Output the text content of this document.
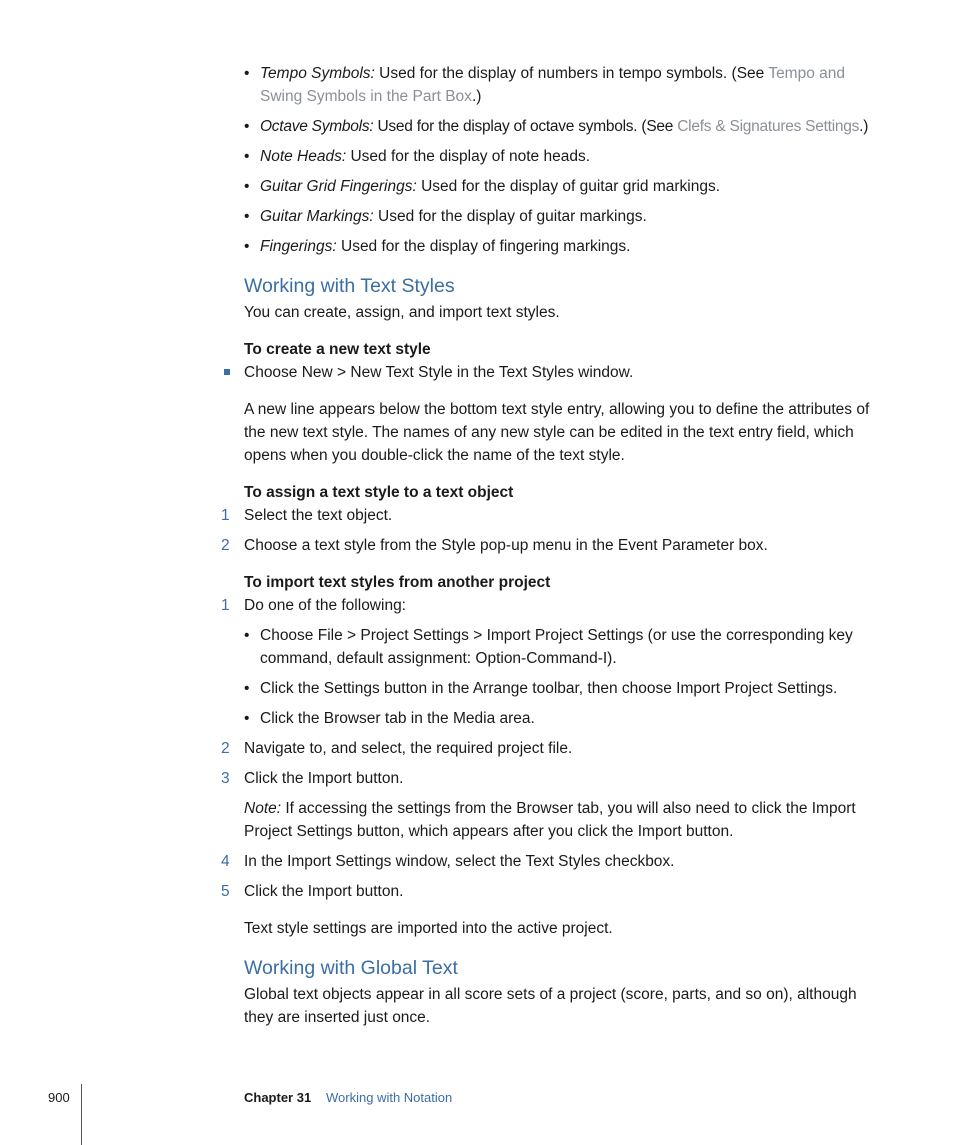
• Tempo Symbols: Used for the display of numbers in tempo symbols. (See Tempo and Swing Symbols in the Part Box.)
• Octave Symbols: Used for the display of octave symbols. (See Clefs & Signatures Settings.)
• Note Heads: Used for the display of note heads.
• Guitar Grid Fingerings: Used for the display of guitar grid markings.
• Guitar Markings: Used for the display of guitar markings.
• Fingerings: Used for the display of fingering markings.
Working with Text Styles
You can create, assign, and import text styles.
To create a new text style
Choose New > New Text Style in the Text Styles window.
A new line appears below the bottom text style entry, allowing you to define the attributes of the new text style. The names of any new style can be edited in the text entry field, which opens when you double-click the name of the text style.
To assign a text style to a text object
1 Select the text object.
2 Choose a text style from the Style pop-up menu in the Event Parameter box.
To import text styles from another project
1 Do one of the following:
• Choose File > Project Settings > Import Project Settings (or use the corresponding key command, default assignment: Option-Command-I).
• Click the Settings button in the Arrange toolbar, then choose Import Project Settings.
• Click the Browser tab in the Media area.
2 Navigate to, and select, the required project file.
3 Click the Import button.
Note: If accessing the settings from the Browser tab, you will also need to click the Import Project Settings button, which appears after you click the Import button.
4 In the Import Settings window, select the Text Styles checkbox.
5 Click the Import button.
Text style settings are imported into the active project.
Working with Global Text
Global text objects appear in all score sets of a project (score, parts, and so on), although they are inserted just once.
900	Chapter 31 Working with Notation
